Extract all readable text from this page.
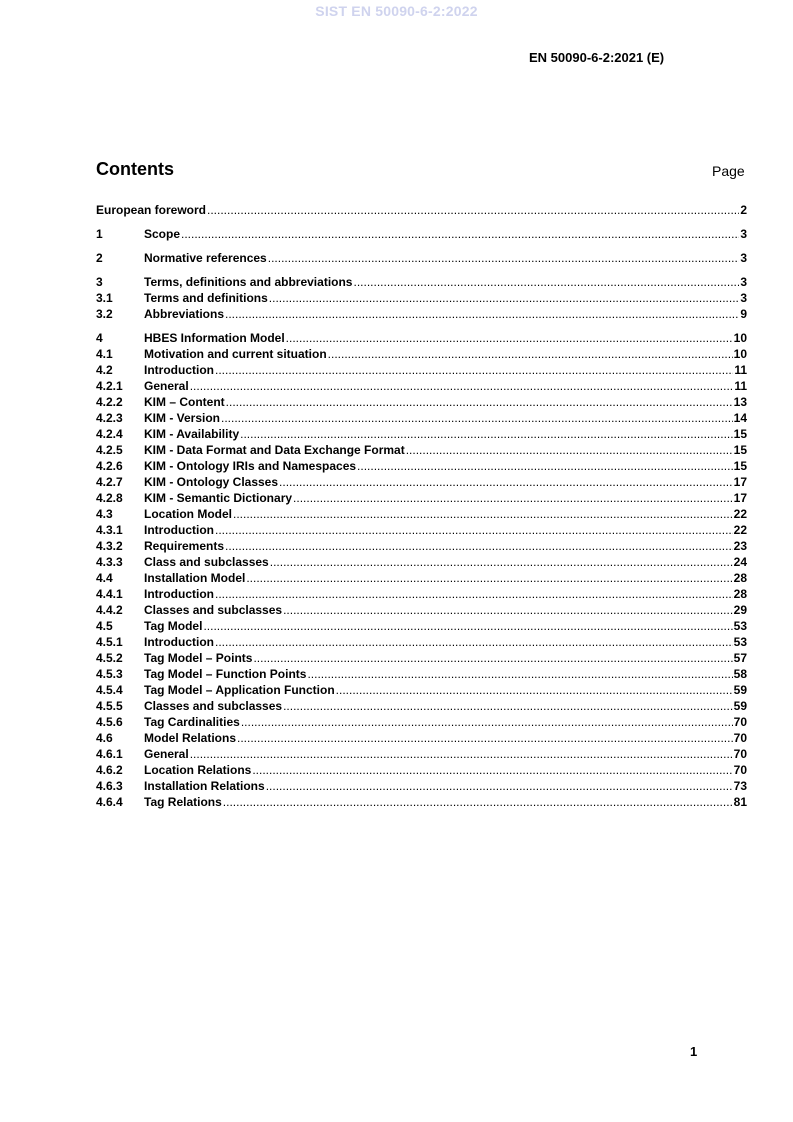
SIST EN 50090-6-2:2022
EN 50090-6-2:2021 (E)
Contents	Page
European foreword .....	2
1	Scope .....	3
2	Normative references .....	3
3	Terms, definitions and abbreviations .....	3
3.1	Terms and definitions .....	3
3.2	Abbreviations .....	9
4	HBES Information Model .....	10
4.1	Motivation and current situation .....	10
4.2	Introduction .....	11
4.2.1	General .....	11
4.2.2	KIM – Content .....	13
4.2.3	KIM - Version .....	14
4.2.4	KIM - Availability .....	15
4.2.5	KIM - Data Format and Data Exchange Format .....	15
4.2.6	KIM - Ontology IRIs and Namespaces .....	15
4.2.7	KIM - Ontology Classes .....	17
4.2.8	KIM - Semantic Dictionary .....	17
4.3	Location Model .....	22
4.3.1	Introduction .....	22
4.3.2	Requirements .....	23
4.3.3	Class and subclasses .....	24
4.4	Installation Model .....	28
4.4.1	Introduction .....	28
4.4.2	Classes and subclasses .....	29
4.5	Tag Model .....	53
4.5.1	Introduction .....	53
4.5.2	Tag Model – Points .....	57
4.5.3	Tag Model – Function Points .....	58
4.5.4	Tag Model – Application Function .....	59
4.5.5	Classes and subclasses .....	59
4.5.6	Tag Cardinalities .....	70
4.6	Model Relations .....	70
4.6.1	General .....	70
4.6.2	Location Relations .....	70
4.6.3	Installation Relations .....	73
4.6.4	Tag Relations .....	81
1
